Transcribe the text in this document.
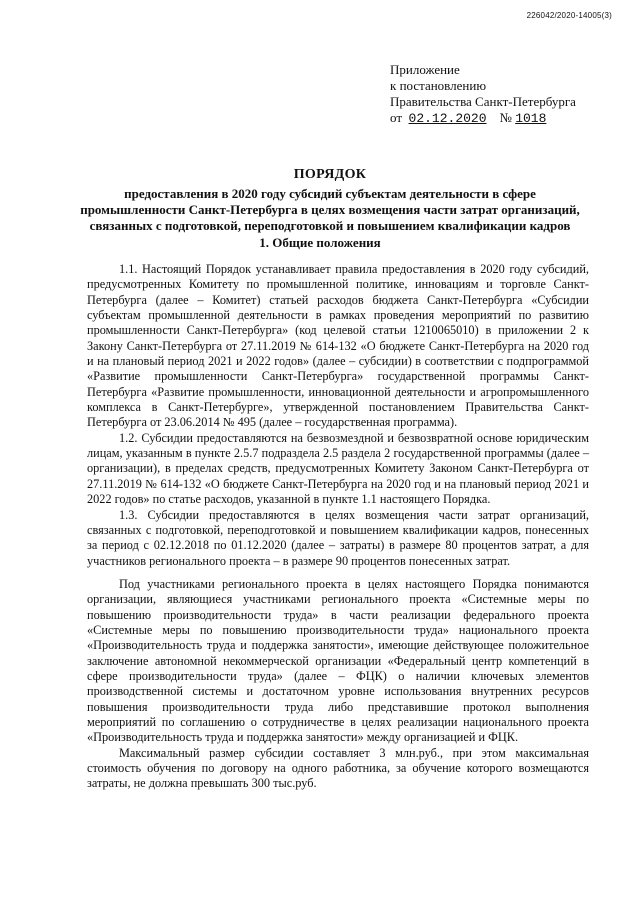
226042/2020-14005(3)
Приложение
к постановлению
Правительства Санкт-Петербурга
от 02.12.2020 № 1018
ПОРЯДОК
предоставления в 2020 году субсидий субъектам деятельности в сфере промышленности Санкт-Петербурга в целях возмещения части затрат организаций, связанных с подготовкой, переподготовкой и повышением квалификации кадров
1. Общие положения

1.1. Настоящий Порядок устанавливает правила предоставления в 2020 году субсидий, предусмотренных Комитету по промышленной политике, инновациям и торговле Санкт-Петербурга (далее – Комитет) статьей расходов бюджета Санкт-Петербурга «Субсидии субъектам промышленной деятельности в рамках проведения мероприятий по развитию промышленности Санкт-Петербурга» (код целевой статьи 1210065010) в приложении 2 к Закону Санкт-Петербурга от 27.11.2019 № 614-132 «О бюджете Санкт-Петербурга на 2020 год и на плановый период 2021 и 2022 годов» (далее – субсидии) в соответствии с подпрограммой «Развитие промышленности Санкт-Петербурга» государственной программы Санкт-Петербурга «Развитие промышленности, инновационной деятельности и агропромышленного комплекса в Санкт-Петербурге», утвержденной постановлением Правительства Санкт-Петербурга от 23.06.2014 № 495 (далее – государственная программа).

1.2. Субсидии предоставляются на безвозмездной и безвозвратной основе юридическим лицам, указанным в пункте 2.5.7 подраздела 2.5 раздела 2 государственной программы (далее – организации), в пределах средств, предусмотренных Комитету Законом Санкт-Петербурга от 27.11.2019 № 614-132 «О бюджете Санкт-Петербурга на 2020 год и на плановый период 2021 и 2022 годов» по статье расходов, указанной в пункте 1.1 настоящего Порядка.

1.3. Субсидии предоставляются в целях возмещения части затрат организаций, связанных с подготовкой, переподготовкой и повышением квалификации кадров, понесенных за период с 02.12.2018 по 01.12.2020 (далее – затраты) в размере 80 процентов затрат, а для участников регионального проекта – в размере 90 процентов понесенных затрат.

Под участниками регионального проекта в целях настоящего Порядка понимаются организации, являющиеся участниками регионального проекта «Системные меры по повышению производительности труда» в части реализации федерального проекта «Системные меры по повышению производительности труда» национального проекта «Производительность труда и поддержка занятости», имеющие действующее положительное заключение автономной некоммерческой организации «Федеральный центр компетенций в сфере производительности труда» (далее – ФЦК) о наличии ключевых элементов производственной системы и достаточном уровне использования внутренних ресурсов повышения производительности труда либо представившие протокол выполнения мероприятий по соглашению о сотрудничестве в целях реализации национального проекта «Производительность труда и поддержка занятости» между организацией и ФЦК.

Максимальный размер субсидии составляет 3 млн.руб., при этом максимальная стоимость обучения по договору на одного работника, за обучение которого возмещаются затраты, не должна превышать 300 тыс.руб.
